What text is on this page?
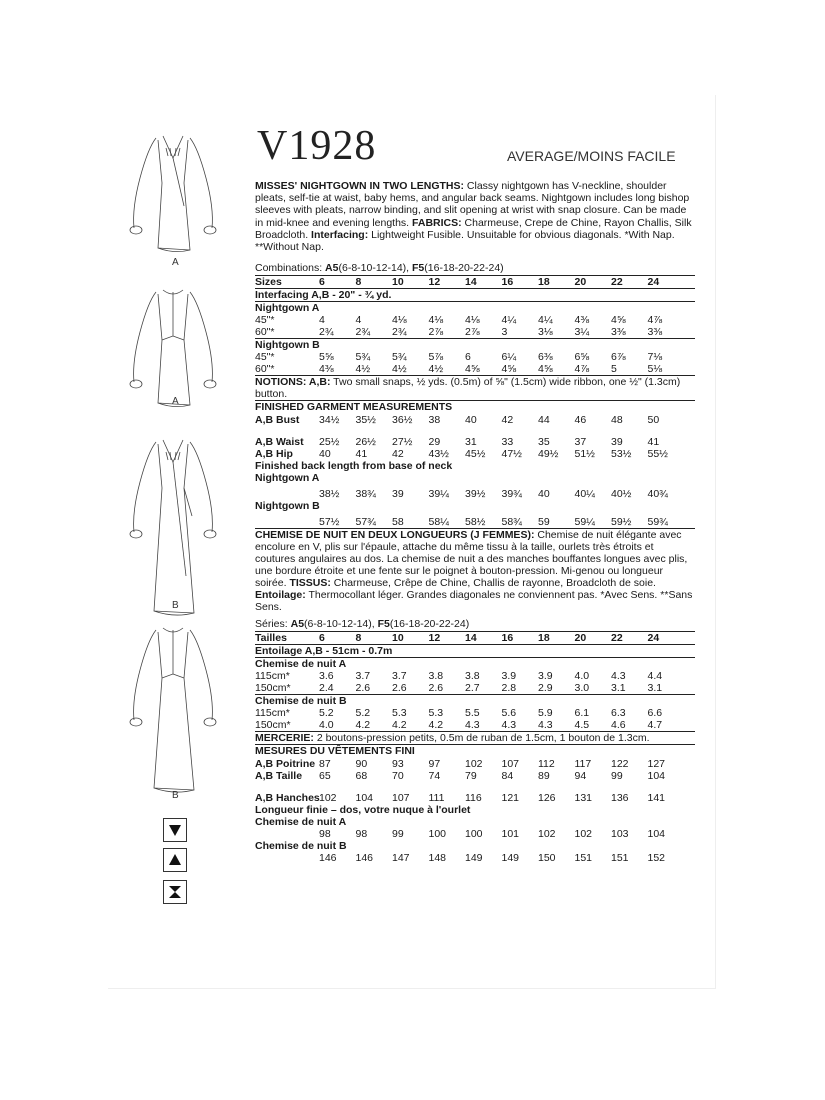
A
A
B
B
V1928	AVERAGE/MOINS FACILE
MISSES' NIGHTGOWN IN TWO LENGTHS: Classy nightgown has V-neckline, shoulder pleats, self-tie at waist, baby hems, and angular back seams. Nightgown includes long bishop sleeves with pleats, narrow binding, and slit opening at wrist with snap closure. Can be made in mid-knee and evening lengths. FABRICS: Charmeuse, Crepe de Chine, Rayon Challis, Silk Broadcloth. Interfacing: Lightweight Fusible. Unsuitable for obvious diagonals. *With Nap. **Without Nap.
Combinations: A5(6-8-10-12-14), F5(16-18-20-22-24)
Sizes	6	8	10	12	14	16	18	20	22	24
Interfacing A,B - 20" - ¾ yd.
Nightgown A
45"*	4	4	4⅛	4⅛	4⅛	4¼	4¼	4⅜	4⅝	4⅞
60"*	2¾	2¾	2¾	2⅞	2⅞	3	3⅛	3¼	3⅜	3⅜
Nightgown B
45"*	5⅝	5¾	5¾	5⅞	6	6¼	6⅜	6⅝	6⅞	7⅛
60"*	4⅜	4½	4½	4½	4⅝	4⅝	4⅝	4⅞	5	5⅛
NOTIONS: A,B: Two small snaps, ½ yds. (0.5m) of ⅝" (1.5cm) wide ribbon, one ½" (1.3cm) button.
FINISHED GARMENT MEASUREMENTS
A,B Bust	34½	35½	36½	38	40	42	44	46	48	50
A,B Waist	25½	26½	27½	29	31	33	35	37	39	41
A,B Hip	40	41	42	43½	45½	47½	49½	51½	53½	55½
Finished back length from base of neck
Nightgown A
38½	38¾	39	39¼	39½	39¾	40	40¼	40½	40¾
Nightgown B
57½	57¾	58	58¼	58½	58¾	59	59¼	59½	59¾
CHEMISE DE NUIT EN DEUX LONGUEURS (J FEMMES): Chemise de nuit élégante avec encolure en V, plis sur l'épaule, attache du même tissu à la taille, ourlets très étroits et coutures angulaires au dos. La chemise de nuit a des manches bouffantes longues avec plis, une bordure étroite et une fente sur le poignet à bouton-pression. Mi-genou ou longueur soirée. TISSUS: Charmeuse, Crêpe de Chine, Challis de rayonne, Broadcloth de soie. Entoilage: Thermocollant léger. Grandes diagonales ne conviennent pas. *Avec Sens. **Sans Sens.
Séries: A5(6-8-10-12-14), F5(16-18-20-22-24)
Tailles	6	8	10	12	14	16	18	20	22	24
Entoilage A,B - 51cm - 0.7m
Chemise de nuit A
115cm*	3.6	3.7	3.7	3.8	3.8	3.9	3.9	4.0	4.3	4.4
150cm*	2.4	2.6	2.6	2.6	2.7	2.8	2.9	3.0	3.1	3.1
Chemise de nuit B
115cm*	5.2	5.2	5.3	5.3	5.5	5.6	5.9	6.1	6.3	6.6
150cm*	4.0	4.2	4.2	4.2	4.3	4.3	4.3	4.5	4.6	4.7
MERCERIE: 2 boutons-pression petits, 0.5m de ruban de 1.5cm, 1 bouton de 1.3cm.
MESURES DU VÊTEMENTS FINI
A,B Poitrine 87	90	93	97	102	107	112	117	122	127
A,B Taille	65	68	70	74	79	84	89	94	99	104
A,B Hanches 102	104	107	111	116	121	126	131	136	141
Longueur finie – dos, votre nuque à l'ourlet
Chemise de nuit A
98	98	99	100	100	101	102	102	103	104
Chemise de nuit B
146	146	147	148	149	149	150	151	151	152
